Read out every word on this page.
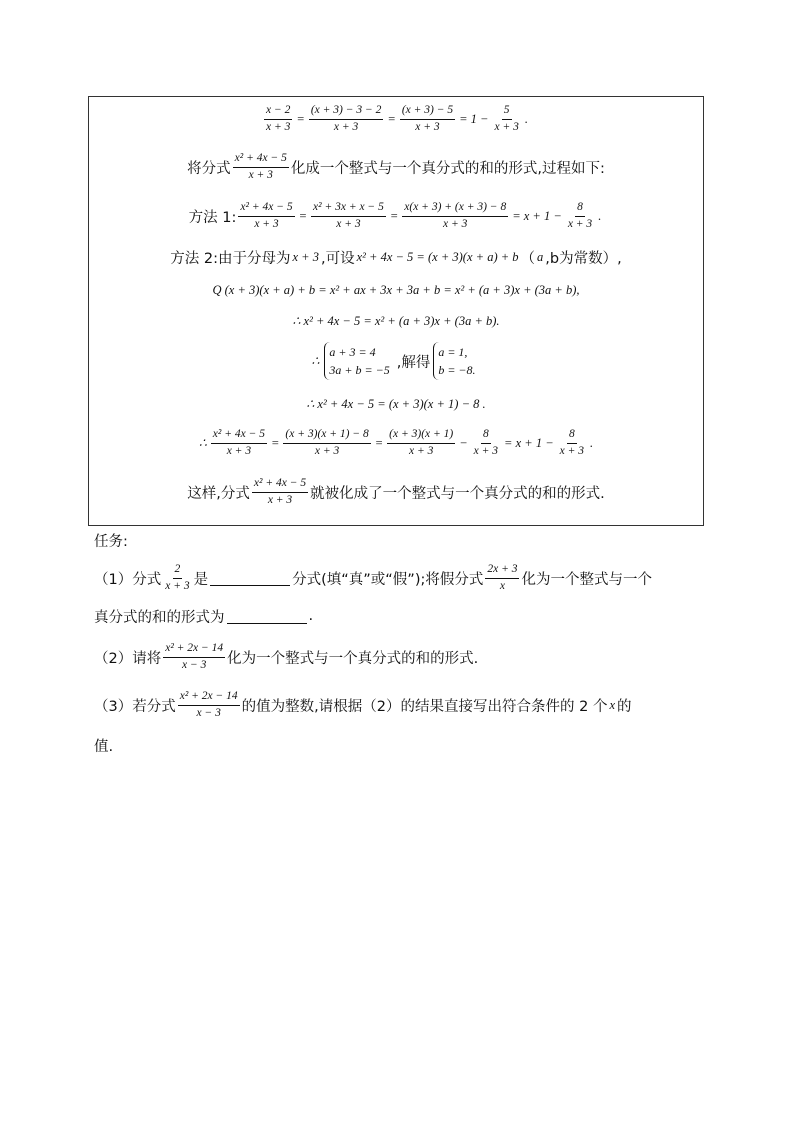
$\frac{x - 2}{x + 3} = \frac{(x + 3) - 3 - 2}{x + 3} = \frac{(x + 3) - 5}{x + 3} = 1 - \frac{5}{x + 3}$ .
将分式 $\frac{\text{x² + 4x − 5}}{x + 3}$ 化成一个整式与一个真分式的和的形式,过程如下:
方法 1: $\frac{\text{x² + 4x − 5}}{x + 3} = \frac{\text{x² + 3x + x − 5}}{x + 3} = \frac{x(x + 3) + (x + 3) - 8}{x + 3} = x + 1 - \frac{8}{x + 3}$ .
方法 2:由于分母为 x + 3 ,可设 x² + 4x − 5 = (x + 3)(x + a) + b （ a ,b为常数）,
Q (x + 3)(x + a) + b = x² + ax + 3x + 3a + b = x² + (a + 3)x + (3a + b),
∴ x² + 4x − 5 = x² + (a + 3)x + (3a + b).
∴
a + 3 = 4
3a + b = −5 ,解得
a = 1,
b = −8.
∴ x² + 4x − 5 = (x + 3)(x + 1) − 8 .
∴ $\frac{\text{x² + 4x − 5}}{x + 3} = \frac{(x + 3)(x + 1) - 8}{x + 3} = \frac{(x + 3)(x + 1)}{x + 3} - \frac{8}{x + 3} = x + 1 - \frac{8}{x + 3}$ .
这样,分式 $\frac{\text{x² + 4x − 5}}{x + 3}$ 就被化成了一个整式与一个真分式的和的形式.
任务:
（1）分式 $\frac{2}{x + 3}$ 是	分式(填“真”或“假”);将假分式 $\frac{2x + 3}{x}$ 化为一个整式与一个
真分式的和的形式为	.
（2）请将 $\frac{\text{x² + 2x − 14}}{x - 3}$ 化为一个整式与一个真分式的和的形式.
（3）若分式 $\frac{\text{x² + 2x − 14}}{x - 3}$ 的值为整数,请根据（2）的结果直接写出符合条件的 2 个 x 的
值.
